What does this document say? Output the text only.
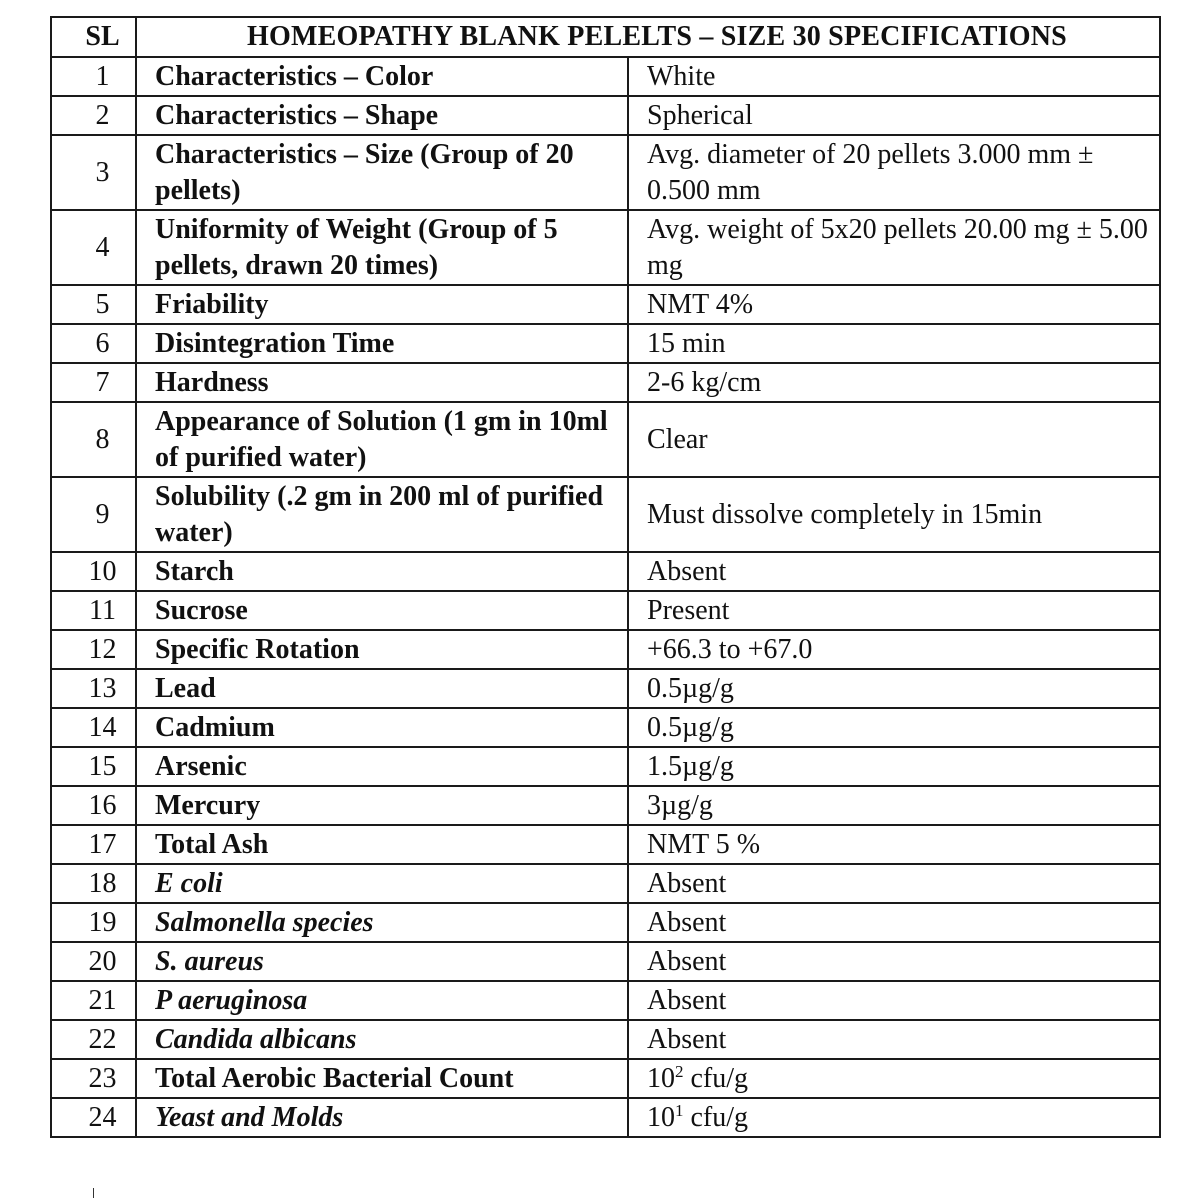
SL	HOMEOPATHY BLANK PELELTS – SIZE 30 SPECIFICATIONS	
1	Characteristics – Color	White
2	Characteristics – Shape	Spherical
3	Characteristics – Size (Group of 20 pellets)	Avg. diameter of 20 pellets 3.000 mm ± 0.500 mm
4	Uniformity of Weight (Group of 5 pellets, drawn 20 times)	Avg. weight of 5x20 pellets 20.00 mg ± 5.00 mg
5	Friability	NMT 4%
6	Disintegration Time	15 min
7	Hardness	2-6 kg/cm
8	Appearance of Solution (1 gm in 10ml of purified water)	Clear
9	Solubility (.2 gm in 200 ml of purified water)	Must dissolve completely in 15min
10	Starch	Absent
11	Sucrose	Present
12	Specific Rotation	+66.3 to +67.0
13	Lead	0.5µg/g
14	Cadmium	0.5µg/g
15	Arsenic	1.5µg/g
16	Mercury	3µg/g
17	Total Ash	NMT 5 %
18	E coli	Absent
19	Salmonella species	Absent
20	S. aureus	Absent
21	P aeruginosa	Absent
22	Candida albicans	Absent
23	Total Aerobic Bacterial Count	$10^2$ cfu/g
24	Yeast and Molds	$10^1$ cfu/g
